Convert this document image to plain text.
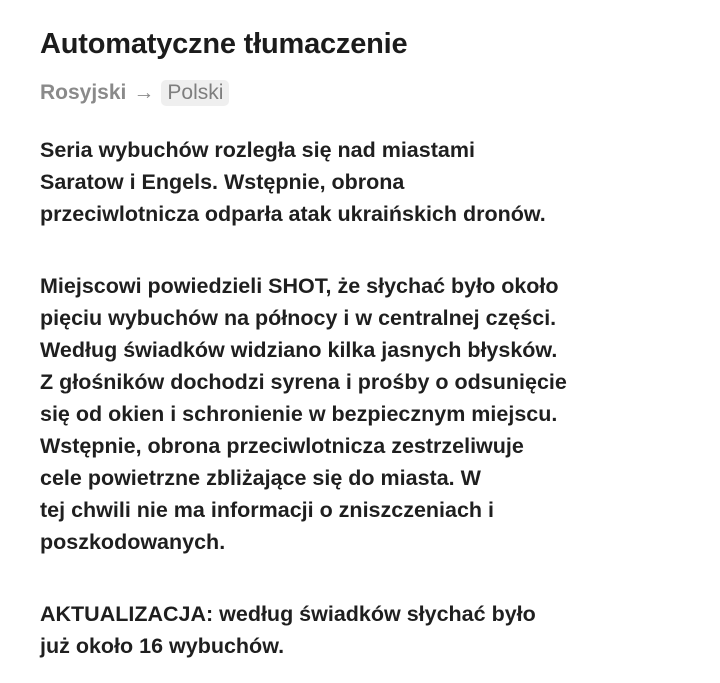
Automatyczne tłumaczenie
Rosyjski → Polski

Seria wybuchów rozległa się nad miastami
Saratow i Engels. Wstępnie, obrona
przeciwlotnicza odparła atak ukraińskich dronów.

Miejscowi powiedzieli SHOT, że słychać było około
pięciu wybuchów na północy i w centralnej części.
Według świadków widziano kilka jasnych błysków.
Z głośników dochodzi syrena i prośby o odsunięcie
się od okien i schronienie w bezpiecznym miejscu.
Wstępnie, obrona przeciwlotnicza zestrzeliwuje
cele powietrzne zbliżające się do miasta. W
tej chwili nie ma informacji o zniszczeniach i
poszkodowanych.

AKTUALIZACJA: według świadków słychać było
już około 16 wybuchów.
